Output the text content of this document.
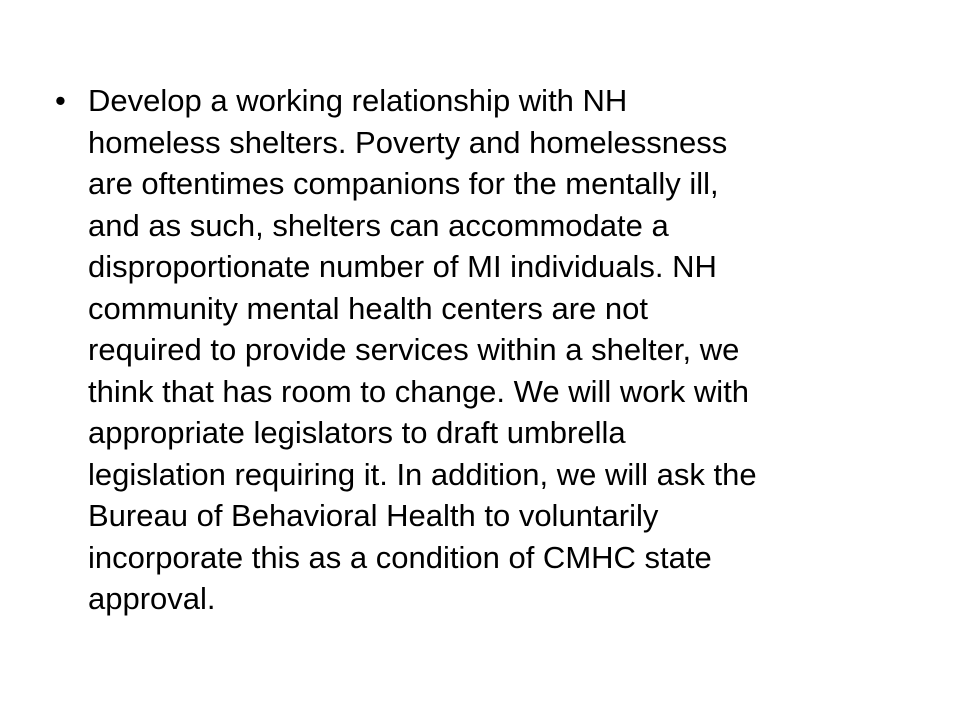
• Develop a working relationship with NH
homeless shelters. Poverty and homelessness
are oftentimes companions for the mentally ill,
and as such, shelters can accommodate a
disproportionate number of MI individuals. NH
community mental health centers are not
required to provide services within a shelter, we
think that has room to change. We will work with
appropriate legislators to draft umbrella
legislation requiring it. In addition, we will ask the
Bureau of Behavioral Health to voluntarily
incorporate this as a condition of CMHC state
approval.
